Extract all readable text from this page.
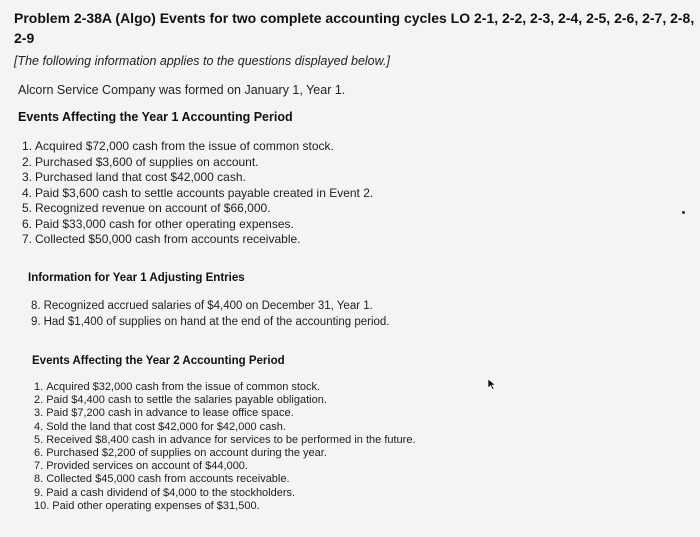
Problem 2-38A (Algo) Events for two complete accounting cycles LO 2-1, 2-2, 2-3, 2-4, 2-5, 2-6, 2-7, 2-8, 2-9
[The following information applies to the questions displayed below.]
Alcorn Service Company was formed on January 1, Year 1.
Events Affecting the Year 1 Accounting Period
1. Acquired $72,000 cash from the issue of common stock.
2. Purchased $3,600 of supplies on account.
3. Purchased land that cost $42,000 cash.
4. Paid $3,600 cash to settle accounts payable created in Event 2.
5. Recognized revenue on account of $66,000.
6. Paid $33,000 cash for other operating expenses.
7. Collected $50,000 cash from accounts receivable.
Information for Year 1 Adjusting Entries
8. Recognized accrued salaries of $4,400 on December 31, Year 1.
9. Had $1,400 of supplies on hand at the end of the accounting period.
Events Affecting the Year 2 Accounting Period
1. Acquired $32,000 cash from the issue of common stock.
2. Paid $4,400 cash to settle the salaries payable obligation.
3. Paid $7,200 cash in advance to lease office space.
4. Sold the land that cost $42,000 for $42,000 cash.
5. Received $8,400 cash in advance for services to be performed in the future.
6. Purchased $2,200 of supplies on account during the year.
7. Provided services on account of $44,000.
8. Collected $45,000 cash from accounts receivable.
9. Paid a cash dividend of $4,000 to the stockholders.
10. Paid other operating expenses of $31,500.
